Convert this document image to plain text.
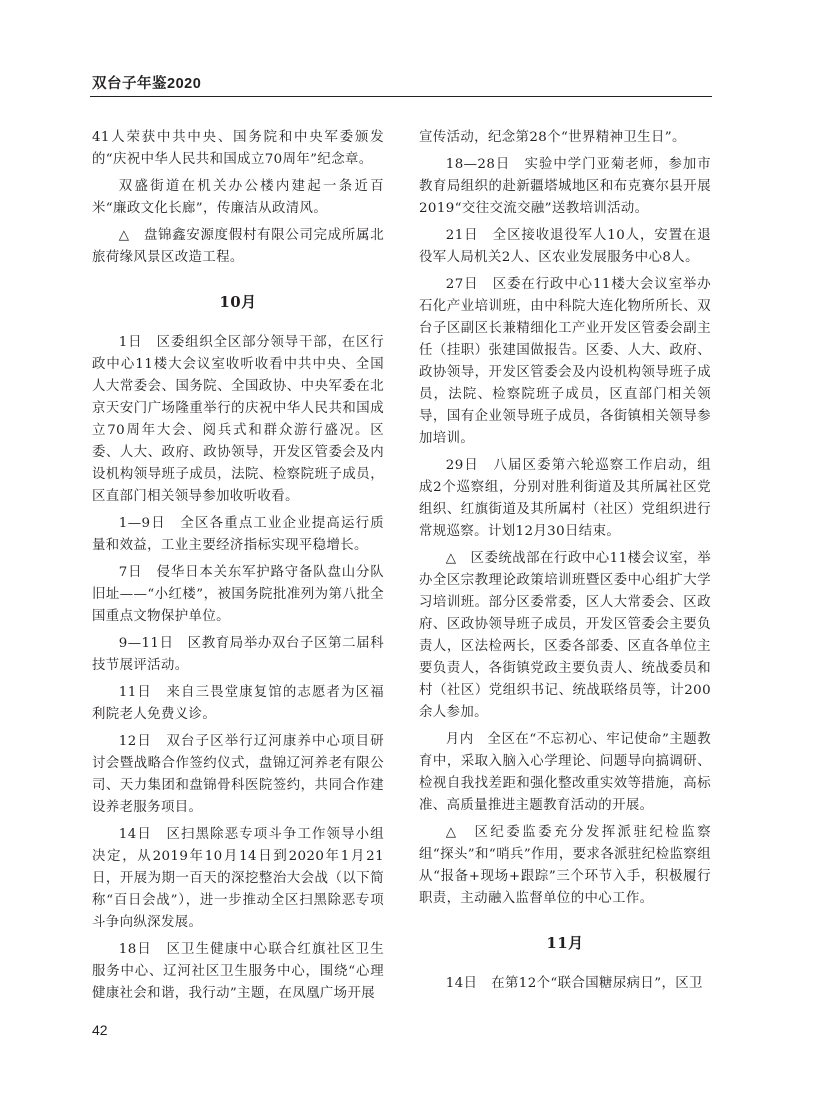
双台子年鉴2020

41人荣获中共中央、国务院和中央军委颁发的“庆祝中华人民共和国成立70周年”纪念章。

双盛街道在机关办公楼内建起一条近百米“廉政文化长廊”，传廉洁从政清风。

△　盘锦鑫安源度假村有限公司完成所属北旅荷缘风景区改造工程。

10月

1日　区委组织全区部分领导干部，在区行政中心11楼大会议室收听收看中共中央、全国人大常委会、国务院、全国政协、中央军委在北京天安门广场隆重举行的庆祝中华人民共和国成立70周年大会、阅兵式和群众游行盛况。区委、人大、政府、政协领导，开发区管委会及内设机构领导班子成员，法院、检察院班子成员，区直部门相关领导参加收听收看。

1—9日　全区各重点工业企业提高运行质量和效益，工业主要经济指标实现平稳增长。

7日　侵华日本关东军护路守备队盘山分队旧址——“小红楼”，被国务院批准列为第八批全国重点文物保护单位。

9—11日　区教育局举办双台子区第二届科技节展评活动。

11日　来自三畏堂康复馆的志愿者为区福利院老人免费义诊。

12日　双台子区举行辽河康养中心项目研讨会暨战略合作签约仪式，盘锦辽河养老有限公司、天力集团和盘锦骨科医院签约，共同合作建设养老服务项目。

14日　区扫黑除恶专项斗争工作领导小组决定，从2019年10月14日到2020年1月21日，开展为期一百天的深挖整治大会战（以下简称“百日会战”），进一步推动全区扫黑除恶专项斗争向纵深发展。

18日　区卫生健康中心联合红旗社区卫生服务中心、辽河社区卫生服务中心，围绕“心理健康社会和谐，我行动”主题，在凤凰广场开展

宣传活动，纪念第28个“世界精神卫生日”。

18—28日　实验中学门亚菊老师，参加市教育局组织的赴新疆塔城地区和布克赛尔县开展2019“交往交流交融”送教培训活动。

21日　全区接收退役军人10人，安置在退役军人局机关2人、区农业发展服务中心8人。

27日　区委在行政中心11楼大会议室举办石化产业培训班，由中科院大连化物所所长、双台子区副区长兼精细化工产业开发区管委会副主任（挂职）张建国做报告。区委、人大、政府、政协领导，开发区管委会及内设机构领导班子成员，法院、检察院班子成员，区直部门相关领导，国有企业领导班子成员，各街镇相关领导参加培训。

29日　八届区委第六轮巡察工作启动，组成2个巡察组，分别对胜利街道及其所属社区党组织、红旗街道及其所属村（社区）党组织进行常规巡察。计划12月30日结束。

△　区委统战部在行政中心11楼会议室，举办全区宗教理论政策培训班暨区委中心组扩大学习培训班。部分区委常委，区人大常委会、区政府、区政协领导班子成员，开发区管委会主要负责人，区法检两长，区委各部委、区直各单位主要负责人，各街镇党政主要负责人、统战委员和村（社区）党组织书记、统战联络员等，计200余人参加。

月内　全区在“不忘初心、牢记使命”主题教育中，采取入脑入心学理论、问题导向搞调研、检视自我找差距和强化整改重实效等措施，高标准、高质量推进主题教育活动的开展。

△　区纪委监委充分发挥派驻纪检监察组“探头”和“哨兵”作用，要求各派驻纪检监察组从“报备+现场+跟踪”三个环节入手，积极履行职责，主动融入监督单位的中心工作。

11月

14日　在第12个“联合国糖尿病日”，区卫

42
